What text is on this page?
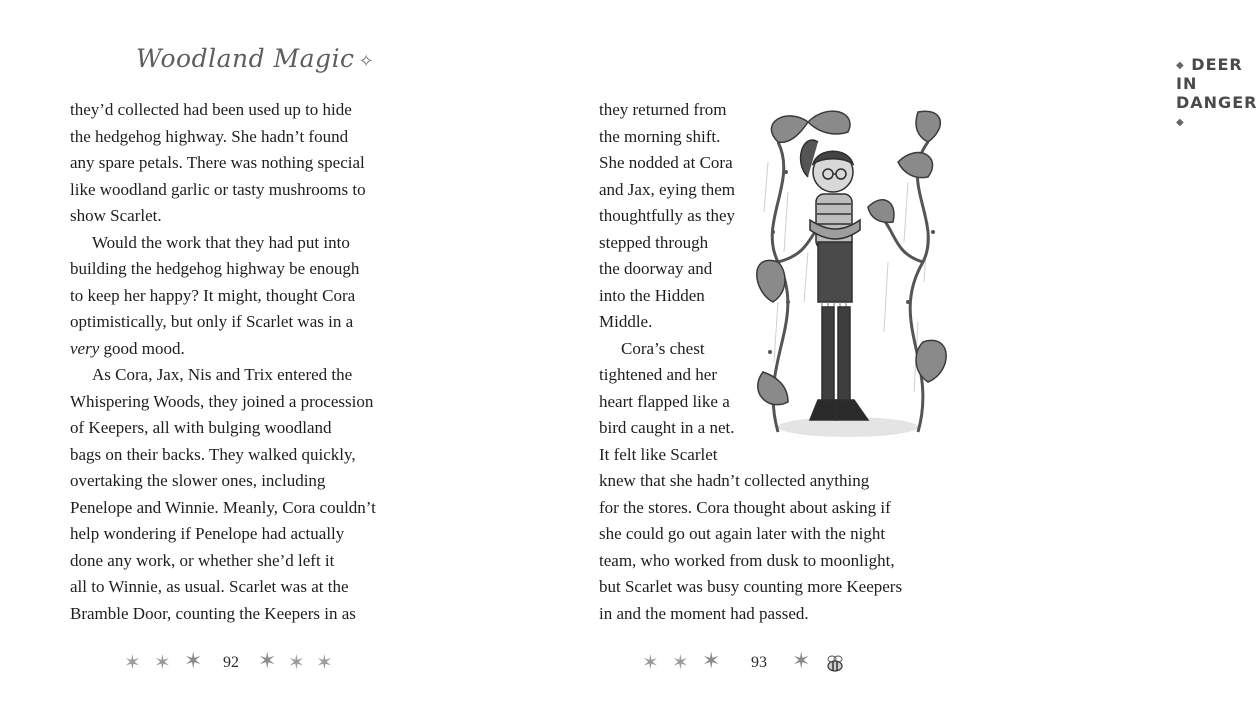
Woodland Magic ✧
they’d collected had been used up to hide
the hedgehog highway. She hadn’t found
any spare petals. There was nothing special
like woodland garlic or tasty mushrooms to
show Scarlet.
Would the work that they had put into
building the hedgehog highway be enough
to keep her happy? It might, thought Cora
optimistically, but only if Scarlet was in a
very good mood.
As Cora, Jax, Nis and Trix entered the
Whispering Woods, they joined a procession
of Keepers, all with bulging woodland
bags on their backs. They walked quickly,
overtaking the slower ones, including
Penelope and Winnie. Meanly, Cora couldn’t
help wondering if Penelope had actually
done any work, or whether she’d left it
all to Winnie, as usual. Scarlet was at the
Bramble Door, counting the Keepers in as
✶ ✶ ✶ 92 ✶ ✶ ✶
◆ DEER IN DANGER ◆
they returned from
the morning shift.
She nodded at Cora
and Jax, eying them
thoughtfully as they
stepped through
the doorway and
into the Hidden
Middle.
Cora’s chest
tightened and her
heart flapped like a
bird caught in a net.
It felt like Scarlet
knew that she hadn’t collected anything
for the stores. Cora thought about asking if
she could go out again later with the night
team, who worked from dusk to moonlight,
but Scarlet was busy counting more Keepers
in and the moment had passed.
✶ ✶ ✶ 93 ✶
